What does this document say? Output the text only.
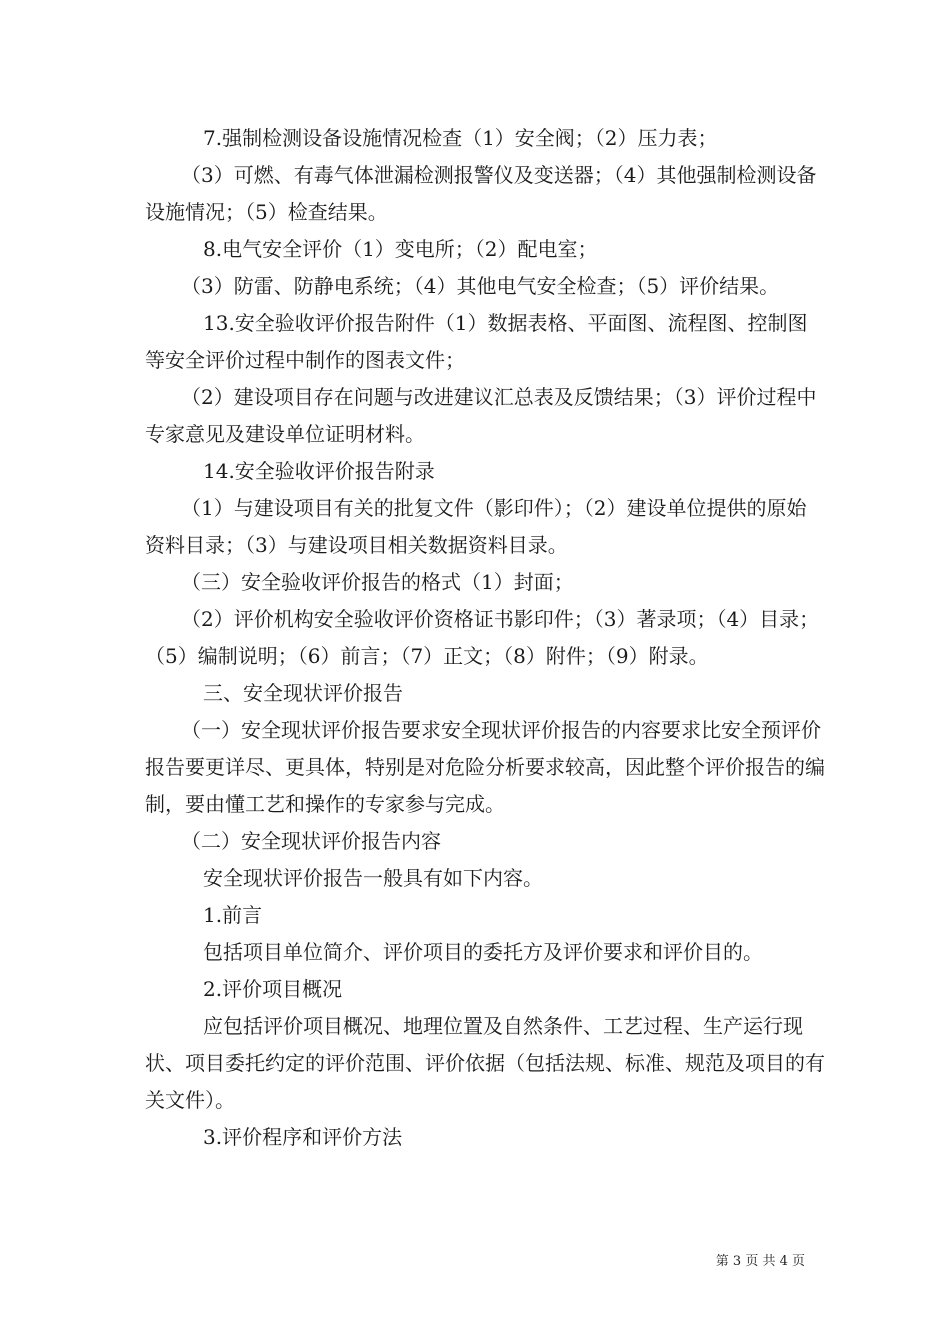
7.强制检测设备设施情况检查（1）安全阀；（2）压力表；

（3）可燃、有毒气体泄漏检测报警仪及变送器；（4）其他强制检测设备设施情况；（5）检查结果。

8.电气安全评价（1）变电所；（2）配电室；

（3）防雷、防静电系统；（4）其他电气安全检查；（5）评价结果。

13.安全验收评价报告附件（1）数据表格、平面图、流程图、控制图等安全评价过程中制作的图表文件；

（2）建设项目存在问题与改进建议汇总表及反馈结果；（3）评价过程中专家意见及建设单位证明材料。

14.安全验收评价报告附录

（1）与建设项目有关的批复文件（影印件）；（2）建设单位提供的原始资料目录；（3）与建设项目相关数据资料目录。

（三）安全验收评价报告的格式（1）封面；

（2）评价机构安全验收评价资格证书影印件；（3）著录项；（4）目录；（5）编制说明；（6）前言；（7）正文；（8）附件；（9）附录。

三、安全现状评价报告

（一）安全现状评价报告要求安全现状评价报告的内容要求比安全预评价报告要更详尽、更具体，特别是对危险分析要求较高，因此整个评价报告的编制，要由懂工艺和操作的专家参与完成。

（二）安全现状评价报告内容

安全现状评价报告一般具有如下内容。

1.前言

包括项目单位简介、评价项目的委托方及评价要求和评价目的。

2.评价项目概况

应包括评价项目概况、地理位置及自然条件、工艺过程、生产运行现状、项目委托约定的评价范围、评价依据（包括法规、标准、规范及项目的有关文件）。

3.评价程序和评价方法

第 3 页 共 4 页
